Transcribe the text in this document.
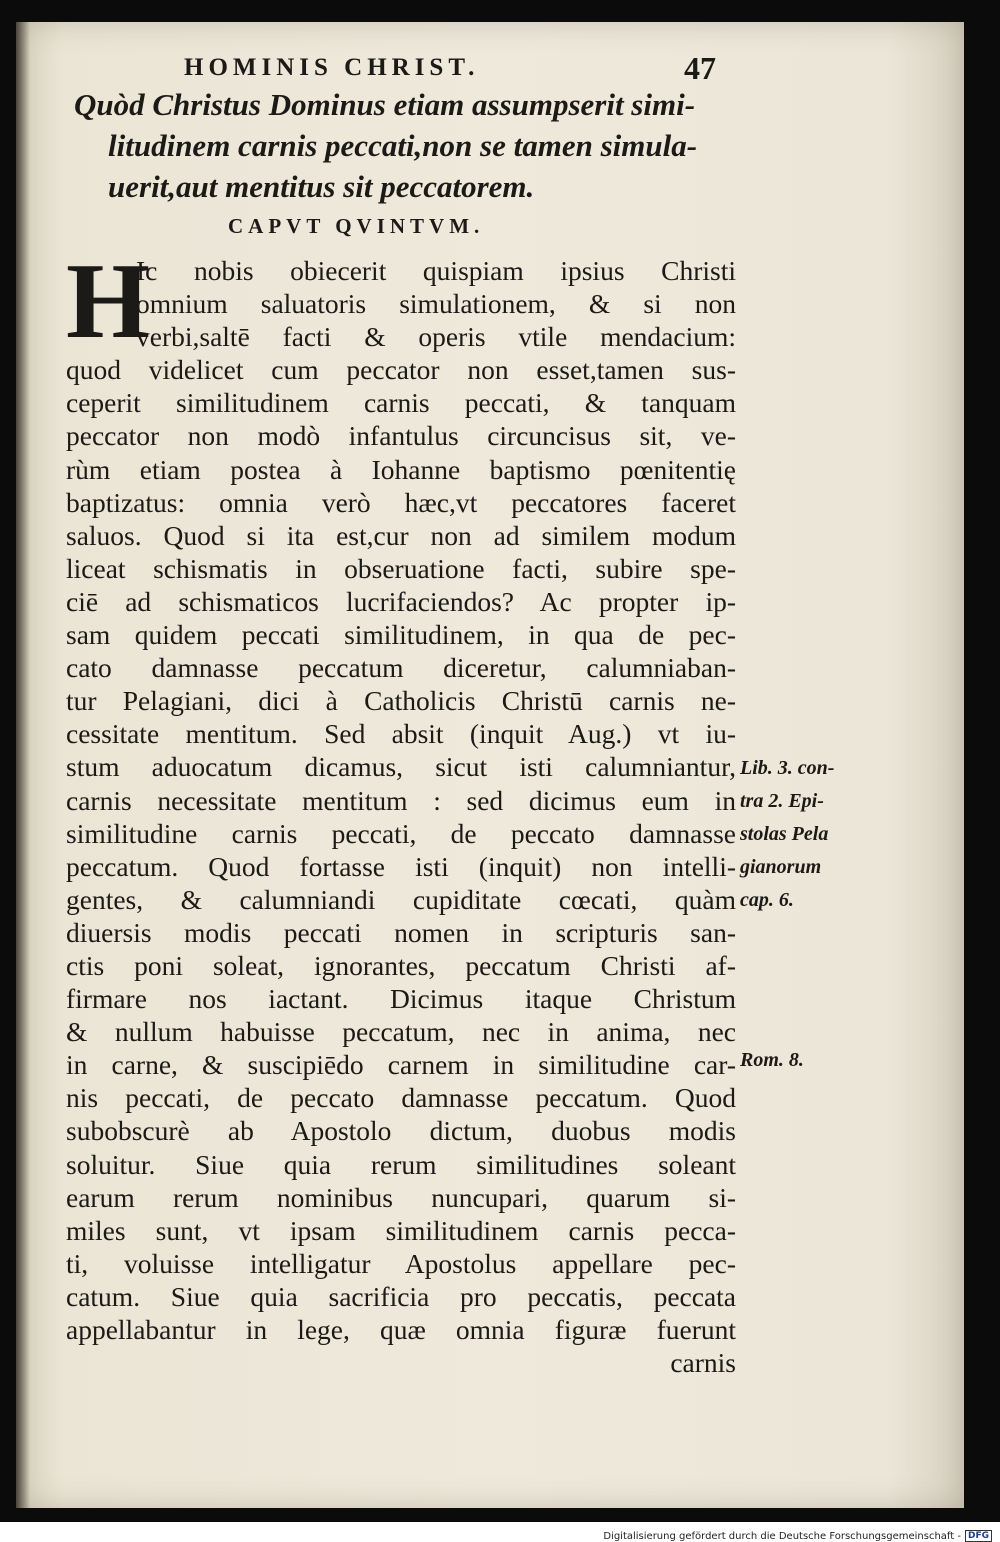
HOMINIS CHRIST.	47
Quòd Christus Dominus etiam assumpserit simi-
litudinem carnis peccati,non se tamen simula-
uerit,aut mentitus sit peccatorem.
CAPVT QVINTVM.
H
Ic nobis obiecerit quispiam ipsius Christi
omnium saluatoris simulationem, & si non
verbi,saltē facti & operis vtile mendacium:
quod videlicet cum peccator non esset,tamen sus-
ceperit similitudinem carnis peccati, & tanquam
peccator non modò infantulus circuncisus sit, ve-
rùm etiam postea à Iohanne baptismo pœnitentię
baptizatus: omnia verò hæc,vt peccatores faceret
saluos. Quod si ita est,cur non ad similem modum
liceat schismatis in obseruatione facti, subire spe-
ciē ad schismaticos lucrifaciendos? Ac propter ip-
sam quidem peccati similitudinem, in qua de pec-
cato damnasse peccatum diceretur, calumniaban-
tur Pelagiani, dici à Catholicis Christū carnis ne-
cessitate mentitum. Sed absit (inquit Aug.) vt iu-
stum aduocatum dicamus, sicut isti calumniantur,
carnis necessitate mentitum : sed dicimus eum in
similitudine carnis peccati, de peccato damnasse
peccatum. Quod fortasse isti (inquit) non intelli-
gentes, & calumniandi cupiditate cœcati, quàm
diuersis modis peccati nomen in scripturis san-
ctis poni soleat, ignorantes, peccatum Christi af-
firmare nos iactant. Dicimus itaque Christum
& nullum habuisse peccatum, nec in anima, nec
in carne, & suscipiēdo carnem in similitudine car-
nis peccati, de peccato damnasse peccatum. Quod
subobscurè ab Apostolo dictum, duobus modis
soluitur. Siue quia rerum similitudines soleant
earum rerum nominibus nuncupari, quarum si-
miles sunt, vt ipsam similitudinem carnis pecca-
ti, voluisse intelligatur Apostolus appellare pec-
catum. Siue quia sacrificia pro peccatis, peccata
appellabantur in lege, quæ omnia figuræ fuerunt
carnis
Lib. 3. con-
tra 2. Epi-
stolas Pela
gianorum
cap. 6.
Rom. 8.
Digitalisierung gefördert durch die Deutsche Forschungsgemeinschaft - DFG
